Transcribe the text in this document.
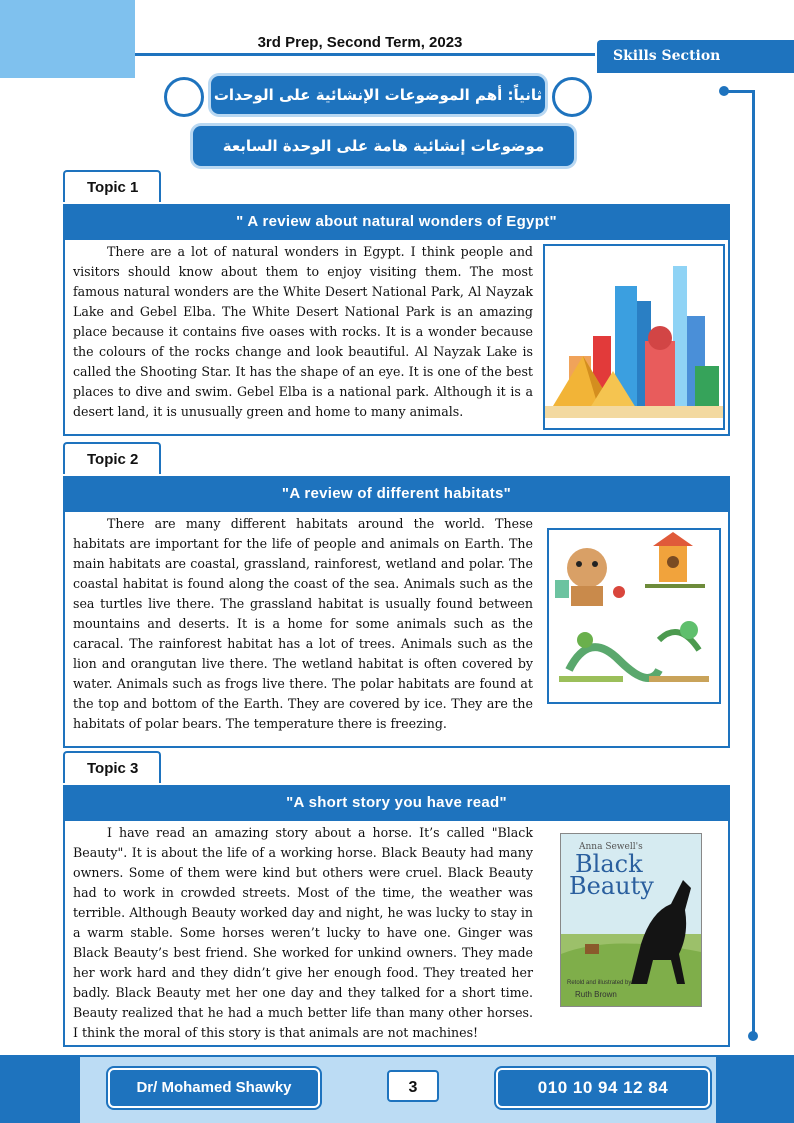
3rd Prep, Second Term, 2023
Skills Section
ثانياً: أهم الموضوعات الإنشائية على الوحدات
موضوعات إنشائية هامة على الوحدة السابعة
Topic 1
" A review about natural wonders of Egypt"
There are a lot of natural wonders in Egypt. I think people and visitors should know about them to enjoy visiting them. The most famous natural wonders are the White Desert National Park, Al Nayzak Lake and Gebel Elba. The White Desert National Park is an amazing place because it contains five oases with rocks. It is a wonder because the colours of the rocks change and look beautiful. Al Nayzak Lake is called the Shooting Star. It has the shape of an eye. It is one of the best places to dive and swim. Gebel Elba is a national park. Although it is a desert land, it is unusually green and home to many animals.
Topic 2
"A review of different habitats"
There are many different habitats around the world. These habitats are important for the life of people and animals on Earth. The main habitats are coastal, grassland, rainforest, wetland and polar. The coastal habitat is found along the coast of the sea. Animals such as the sea turtles live there. The grassland habitat is usually found between mountains and deserts. It is a home for some animals such as the caracal. The rainforest habitat has a lot of trees. Animals such as the lion and orangutan live there. The wetland habitat is often covered by water. Animals such as frogs live there. The polar habitats are found at the top and bottom of the Earth. They are covered by ice. They are the habitats of polar bears. The temperature there is freezing.
Topic 3
"A short story you have read"
I have read an amazing story about a horse. It’s called "Black Beauty". It is about the life of a working horse. Black Beauty had many owners. Some of them were kind but others were cruel. Black Beauty had to work in crowded streets. Most of the time, the weather was terrible. Although Beauty worked day and night, he was lucky to stay in a warm stable. Some horses weren’t lucky to have one. Ginger was Black Beauty’s best friend. She worked for unkind owners. They made her work hard and they didn’t give her enough food. They treated her badly. Black Beauty met her one day and they talked for a short time. Beauty realized that he had a much better life than many other horses. I think the moral of this story is that animals are not machines!
Anna Sewell's
Black
Beauty
Retold and illustrated by
Ruth Brown
Dr/ Mohamed Shawky	3	010 10 94 12 84
